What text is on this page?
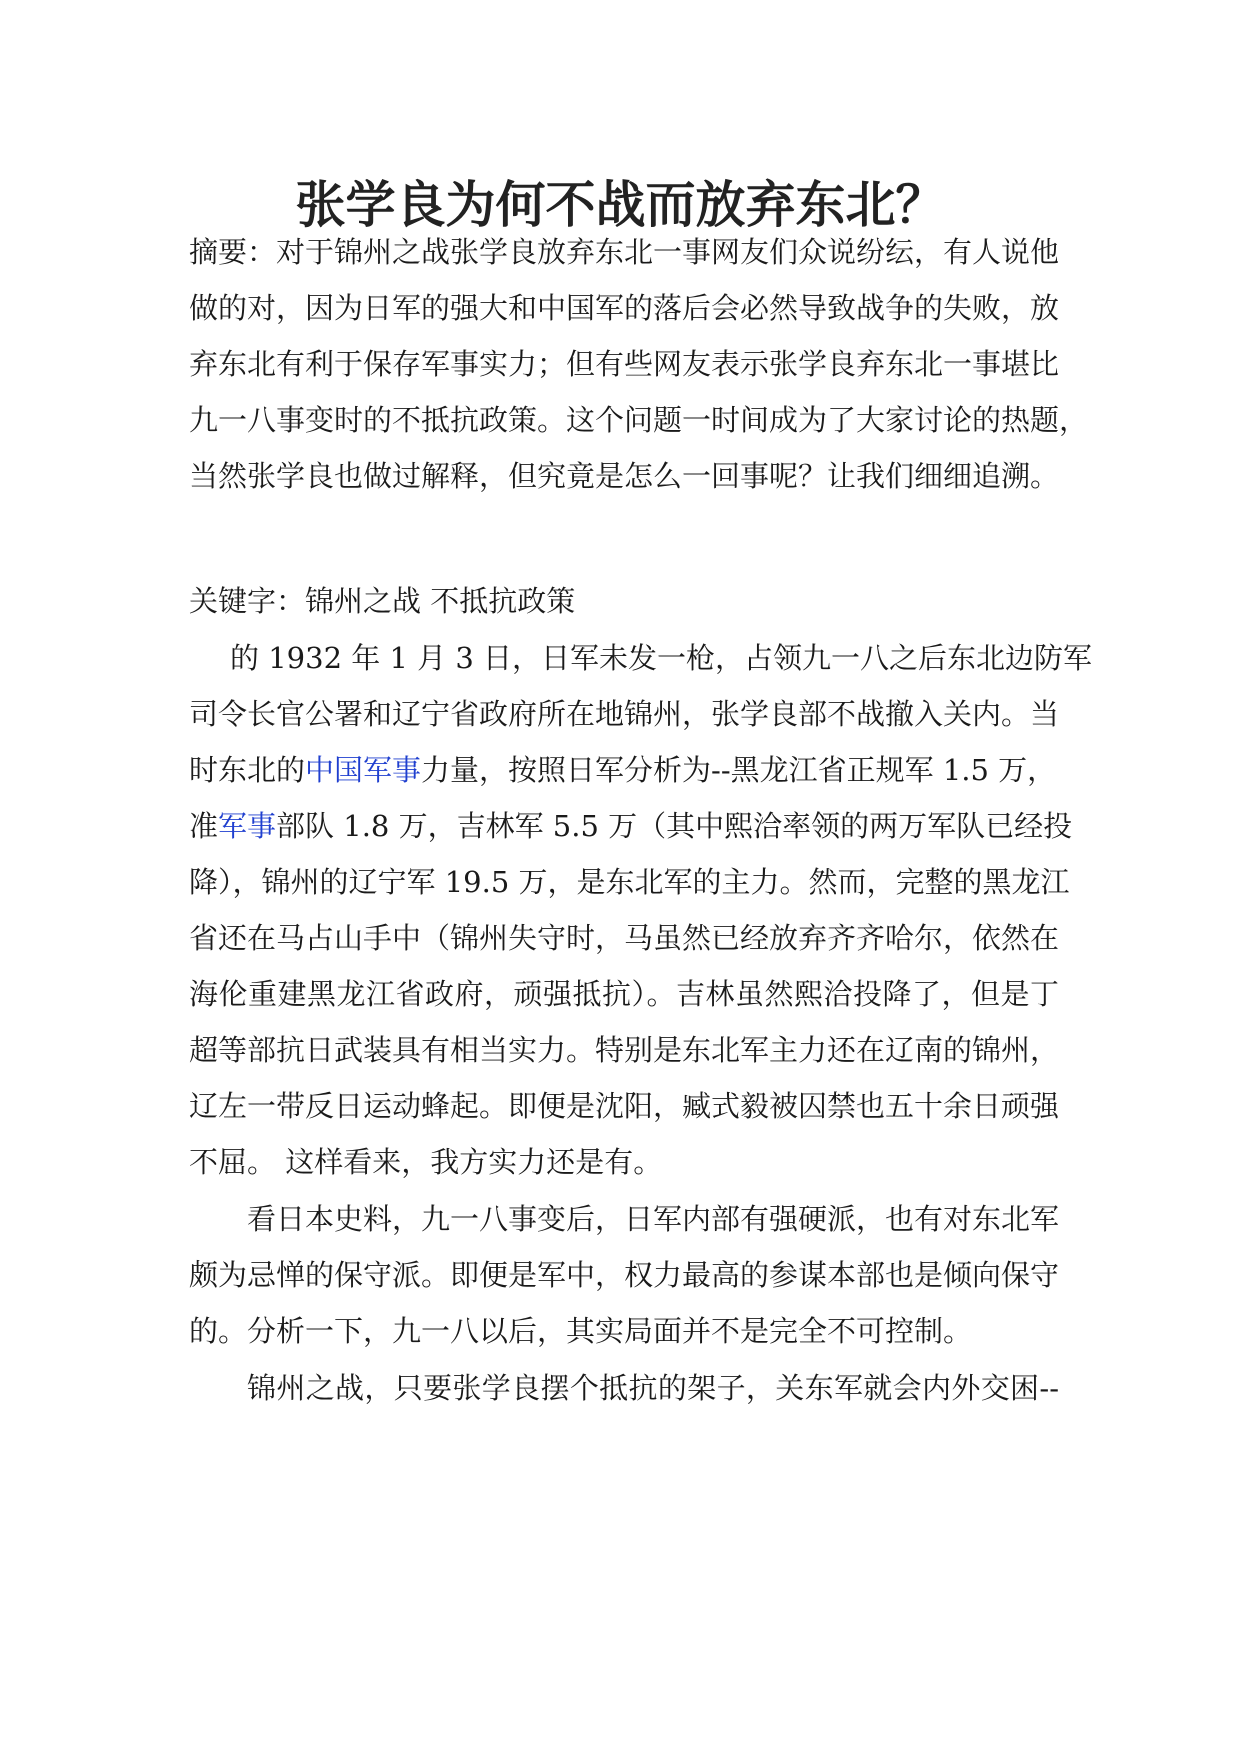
张学良为何不战而放弃东北？
摘要：对于锦州之战张学良放弃东北一事网友们众说纷纭，有人说他
做的对，因为日军的强大和中国军的落后会必然导致战争的失败，放
弃东北有利于保存军事实力；但有些网友表示张学良弃东北一事堪比
九一八事变时的不抵抗政策。这个问题一时间成为了大家讨论的热题，
当然张学良也做过解释，但究竟是怎么一回事呢？让我们细细追溯。
关键字：锦州之战 不抵抗政策
的 1932 年 1 月 3 日，日军未发一枪，占领九一八之后东北边防军
司令长官公署和辽宁省政府所在地锦州，张学良部不战撤入关内。当
时东北的中国军事力量，按照日军分析为--黑龙江省正规军 1.5 万，
准军事部队 1.8 万，吉林军 5.5 万（其中熙洽率领的两万军队已经投
降），锦州的辽宁军 19.5 万，是东北军的主力。然而，完整的黑龙江
省还在马占山手中（锦州失守时，马虽然已经放弃齐齐哈尔，依然在
海伦重建黑龙江省政府，顽强抵抗）。吉林虽然熙洽投降了，但是丁
超等部抗日武装具有相当实力。特别是东北军主力还在辽南的锦州，
辽左一带反日运动蜂起。即便是沈阳，臧式毅被囚禁也五十余日顽强
不屈。 这样看来，我方实力还是有。
看日本史料，九一八事变后，日军内部有强硬派，也有对东北军
颇为忌惮的保守派。即便是军中，权力最高的参谋本部也是倾向保守
的。分析一下，九一八以后，其实局面并不是完全不可控制。
锦州之战，只要张学良摆个抵抗的架子，关东军就会内外交困--
